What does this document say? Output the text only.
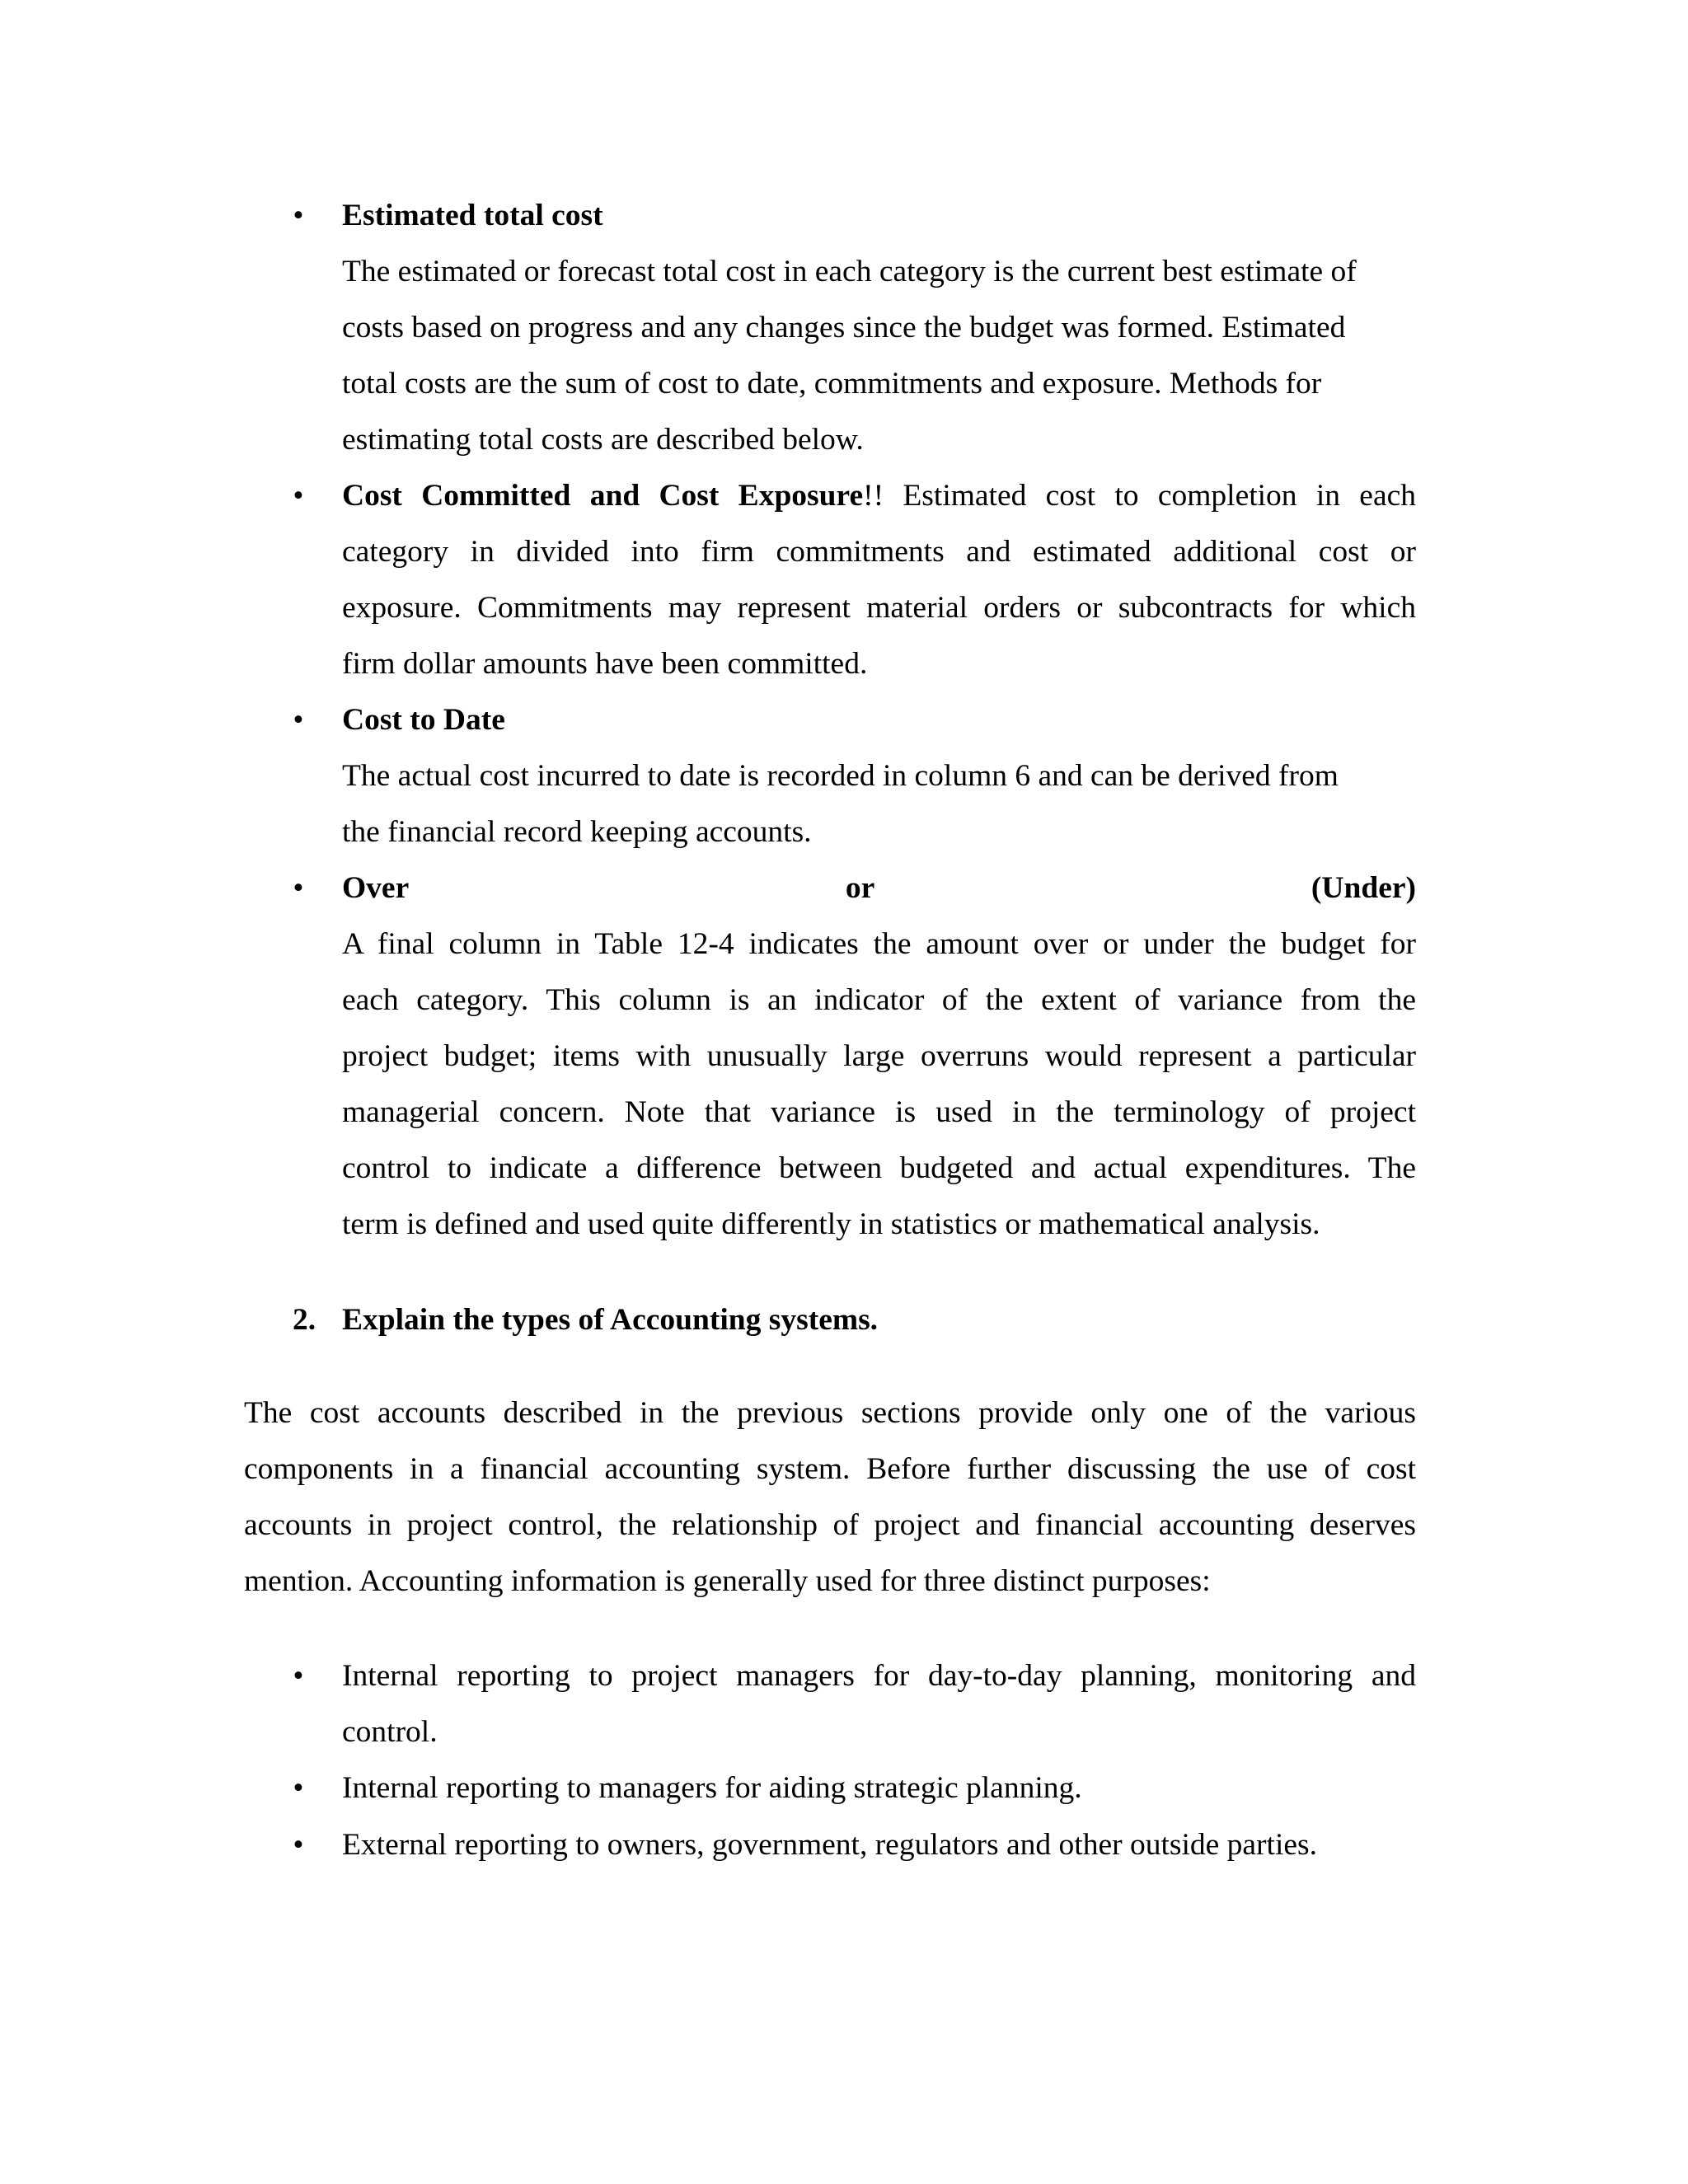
• Estimated total cost
The estimated or forecast total cost in each category is the current best estimate of
costs based on progress and any changes since the budget was formed. Estimated
total costs are the sum of cost to date, commitments and exposure. Methods for
estimating total costs are described below.
• Cost Committed and Cost Exposure!! Estimated cost to completion in each
category in divided into firm commitments and estimated additional cost or
exposure. Commitments may represent material orders or subcontracts for which
firm dollar amounts have been committed.
• Cost to Date
The actual cost incurred to date is recorded in column 6 and can be derived from
the financial record keeping accounts.
• Over or (Under)
A final column in Table 12-4 indicates the amount over or under the budget for
each category. This column is an indicator of the extent of variance from the
project budget; items with unusually large overruns would represent a particular
managerial concern. Note that variance is used in the terminology of project
control to indicate a difference between budgeted and actual expenditures. The
term is defined and used quite differently in statistics or mathematical analysis.
2. Explain the types of Accounting systems.
The cost accounts described in the previous sections provide only one of the various
components in a financial accounting system. Before further discussing the use of cost
accounts in project control, the relationship of project and financial accounting deserves
mention. Accounting information is generally used for three distinct purposes:
• Internal reporting to project managers for day-to-day planning, monitoring and
control.
• Internal reporting to managers for aiding strategic planning.
• External reporting to owners, government, regulators and other outside parties.
